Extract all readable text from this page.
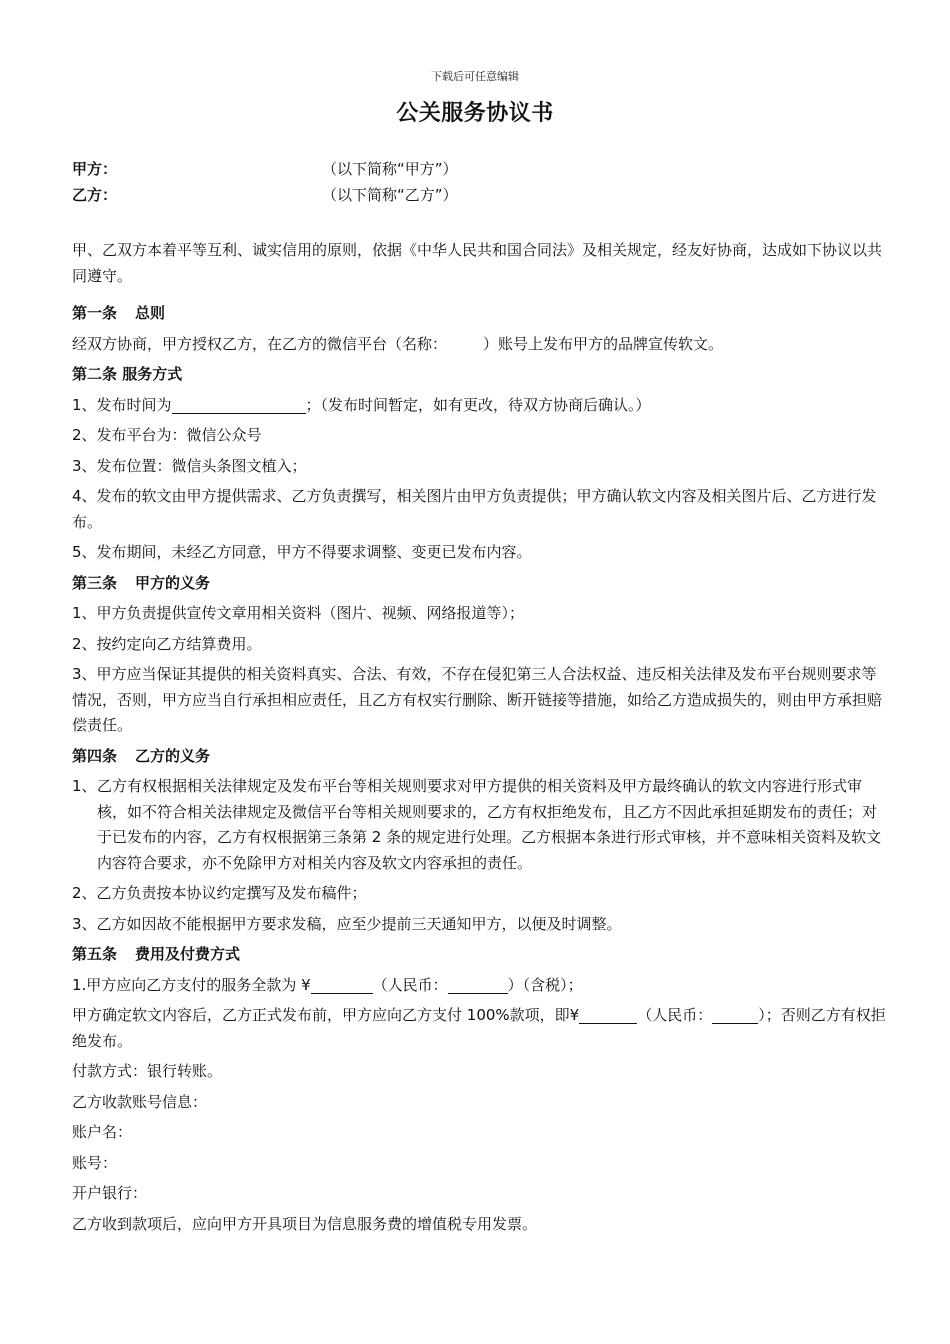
下载后可任意编辑
公关服务协议书
甲方：	（以下简称“甲方”）
乙方：	（以下简称“乙方”）

甲、乙双方本着平等互利、诚实信用的原则，依据《中华人民共和国合同法》及相关规定，经友好协商，达成如下协议以共同遵守。

第一条 总则

经双方协商，甲方授权乙方，在乙方的微信平台（名称： ）账号上发布甲方的品牌宣传软文。

第二条 服务方式

1、发布时间为	；（发布时间暂定，如有更改，待双方协商后确认。）

2、发布平台为：微信公众号

3、发布位置：微信头条图文植入；

4、发布的软文由甲方提供需求、乙方负责撰写，相关图片由甲方负责提供；甲方确认软文内容及相关图片后、乙方进行发布。

5、发布期间，未经乙方同意，甲方不得要求调整、变更已发布内容。

第三条 甲方的义务

1、甲方负责提供宣传文章用相关资料（图片、视频、网络报道等）；

2、按约定向乙方结算费用。

3、甲方应当保证其提供的相关资料真实、合法、有效，不存在侵犯第三人合法权益、违反相关法律及发布平台规则要求等情况，否则，甲方应当自行承担相应责任，且乙方有权实行删除、断开链接等措施，如给乙方造成损失的，则由甲方承担赔偿责任。

第四条 乙方的义务
1、 乙方有权根据相关法律规定及发布平台等相关规则要求对甲方提供的相关资料及甲方最终确认的软文内容进行形式审核，如不符合相关法律规定及微信平台等相关规则要求的，乙方有权拒绝发布，且乙方不因此承担延期发布的责任；对于已发布的内容，乙方有权根据第三条第 2 条的规定进行处理。乙方根据本条进行形式审核，并不意味相关资料及软文内容符合要求，亦不免除甲方对相关内容及软文内容承担的责任。

2、乙方负责按本协议约定撰写及发布稿件；

3、乙方如因故不能根据甲方要求发稿，应至少提前三天通知甲方，以便及时调整。

第五条 费用及付费方式

1.甲方应向乙方支付的服务全款为 ¥	（人民币：	）（含税）；

甲方确定软文内容后，乙方正式发布前，甲方应向乙方支付 100%款项，即¥	（人民币：	）；否则乙方有权拒绝发布。

付款方式：银行转账。

乙方收款账号信息：

账户名：

账号：

开户银行：

乙方收到款项后，应向甲方开具项目为信息服务费的增值税专用发票。
